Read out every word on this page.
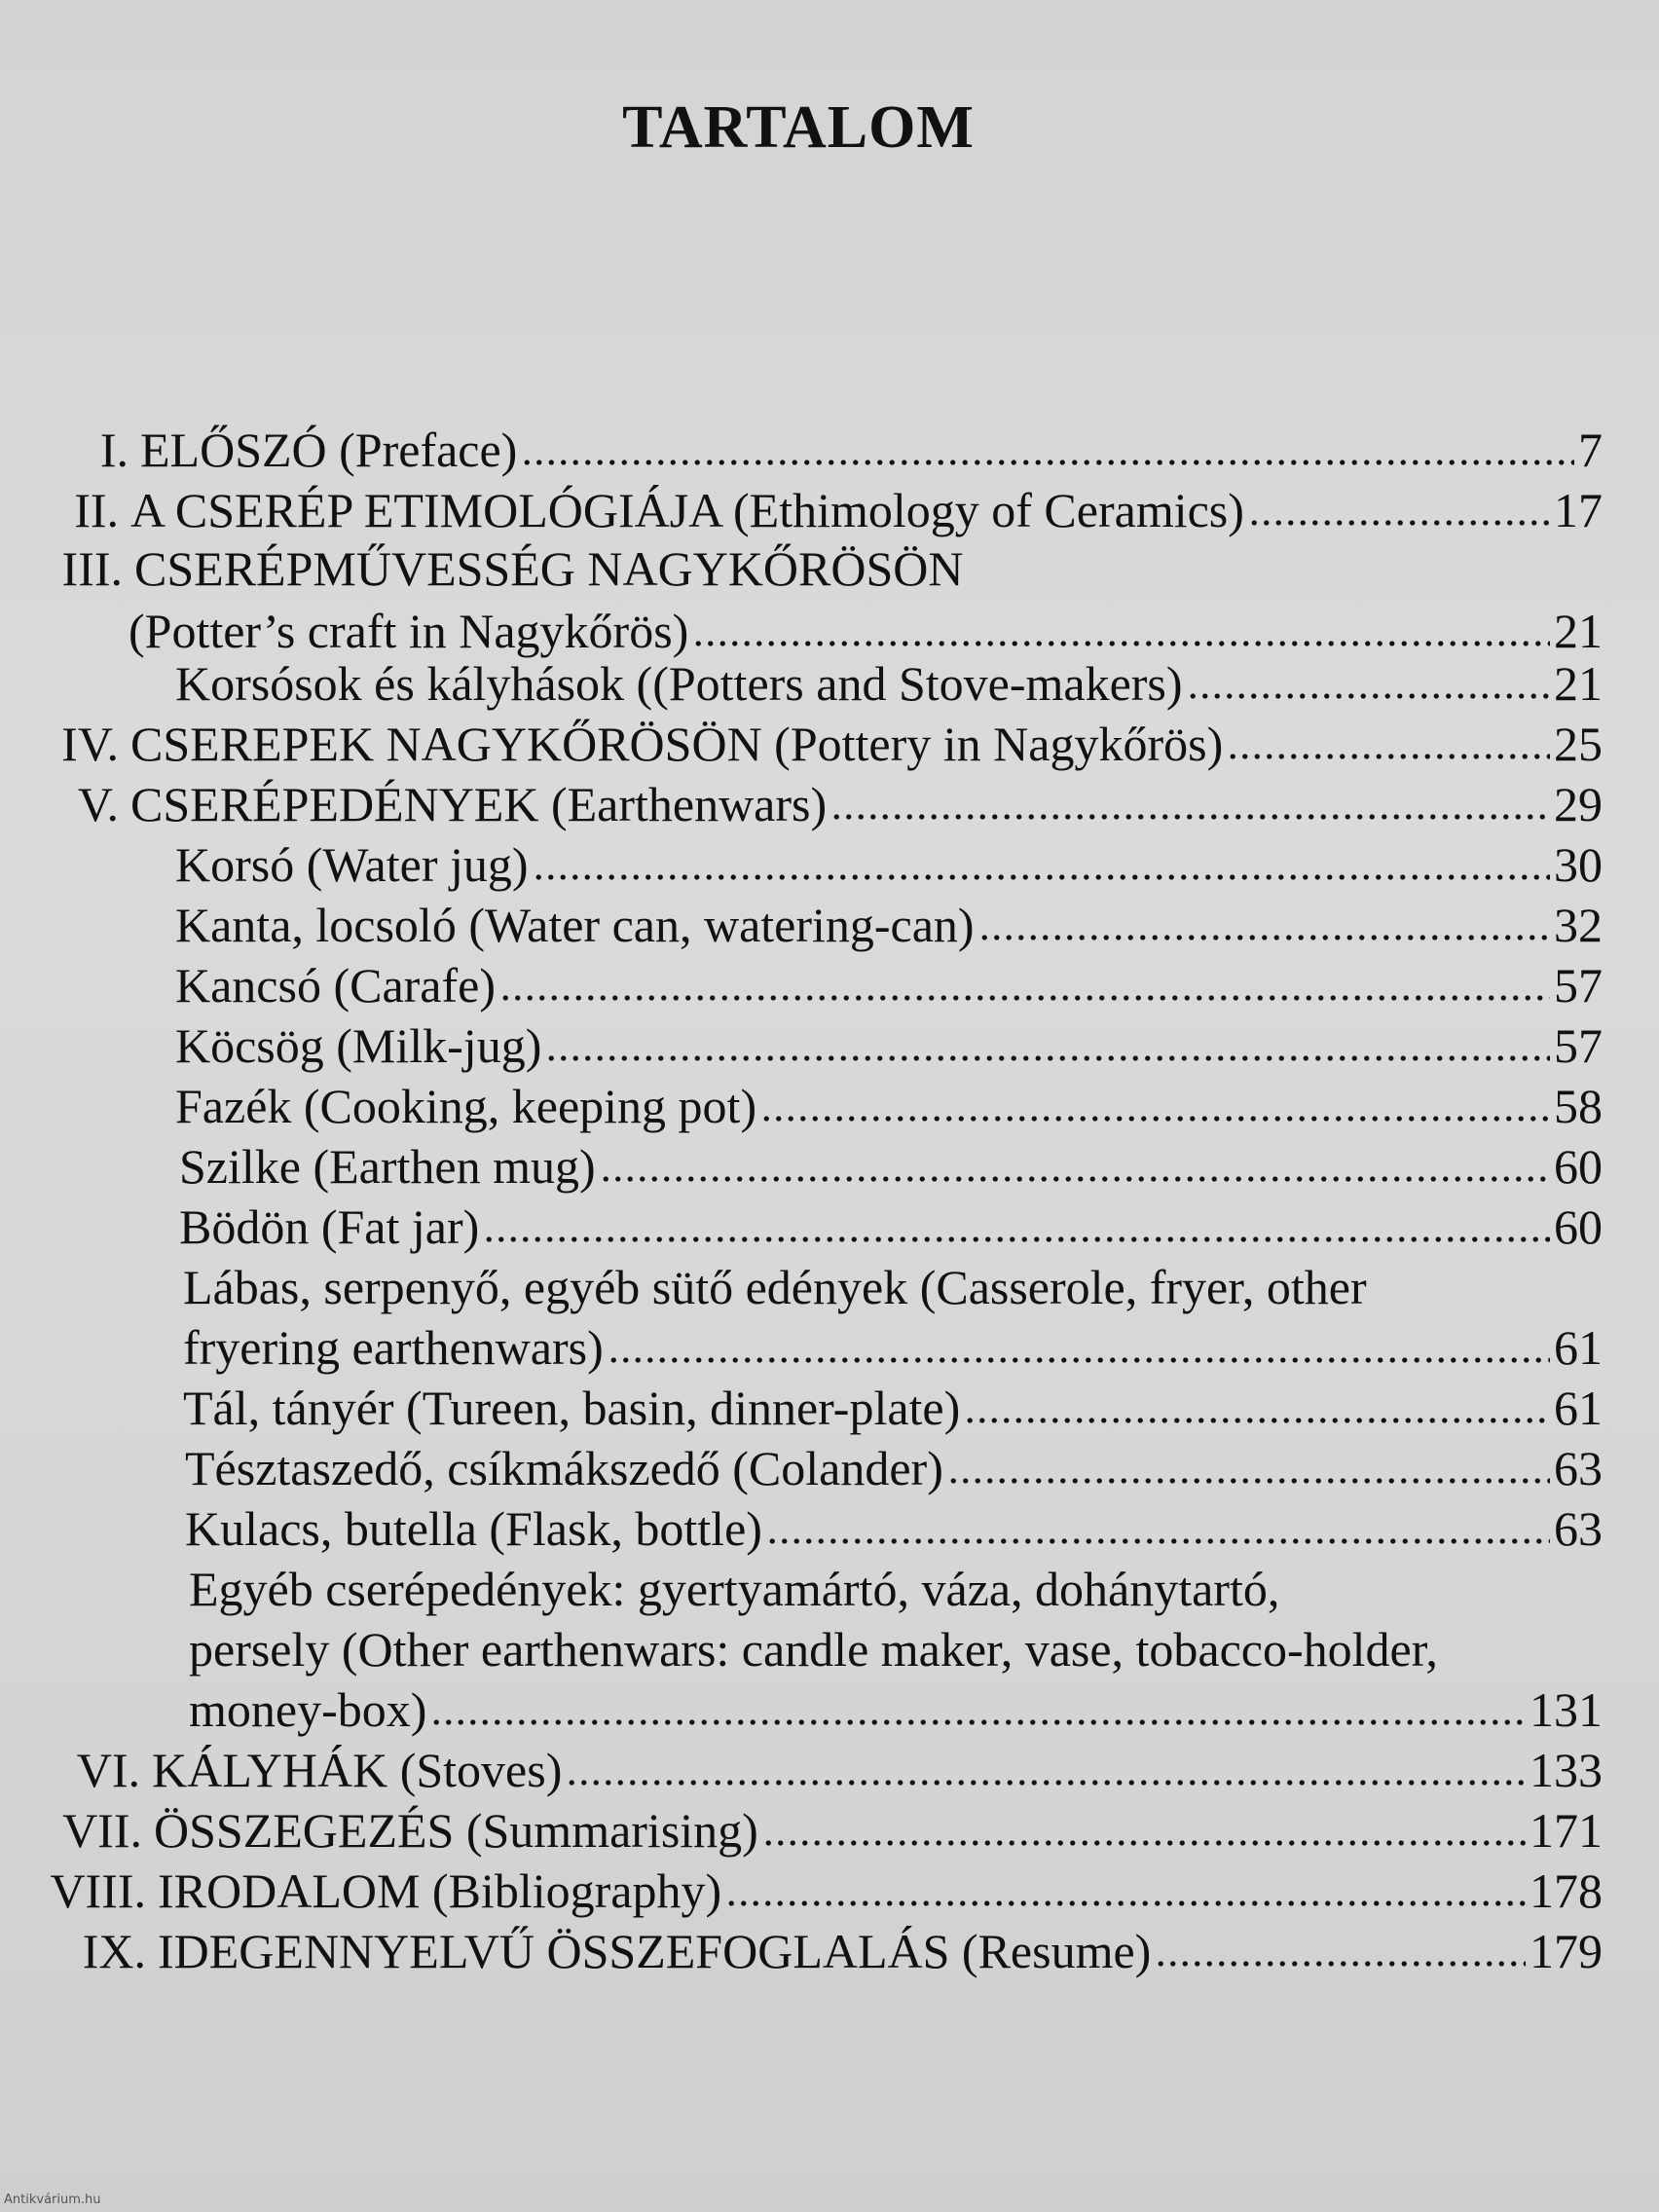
TARTALOM
I. ELŐSZÓ (Preface)	7
II. A CSERÉP ETIMOLÓGIÁJA (Ethimology of Ceramics)	17
III. CSERÉPMŰVESSÉG NAGYKŐRÖSÖN
(Potter’s craft in Nagykőrös)	21
Korsósok és kályhások ((Potters and Stove-makers)	21
IV. CSEREPEK NAGYKŐRÖSÖN (Pottery in Nagykőrös)	25
V. CSERÉPEDÉNYEK (Earthenwars)	29
Korsó (Water jug)	30
Kanta, locsoló (Water can, watering-can)	32
Kancsó (Carafe)	57
Köcsög (Milk-jug)	57
Fazék (Cooking, keeping pot)	58
Szilke (Earthen mug)	60
Bödön (Fat jar)	60
Lábas, serpenyő, egyéb sütő edények (Casserole, fryer, other
fryering earthenwars)	61
Tál, tányér (Tureen, basin, dinner-plate)	61
Tésztaszedő, csíkmákszedő (Colander)	63
Kulacs, butella (Flask, bottle)	63
Egyéb cserépedények: gyertyamártó, váza, dohánytartó,
persely (Other earthenwars: candle maker, vase, tobacco-holder,
money-box)	131
VI. KÁLYHÁK (Stoves)	133
VII. ÖSSZEGEZÉS (Summarising)	171
VIII. IRODALOM (Bibliography)	178
IX. IDEGENNYELVŰ ÖSSZEFOGLALÁS (Resume)	179
Antikvárium.hu
